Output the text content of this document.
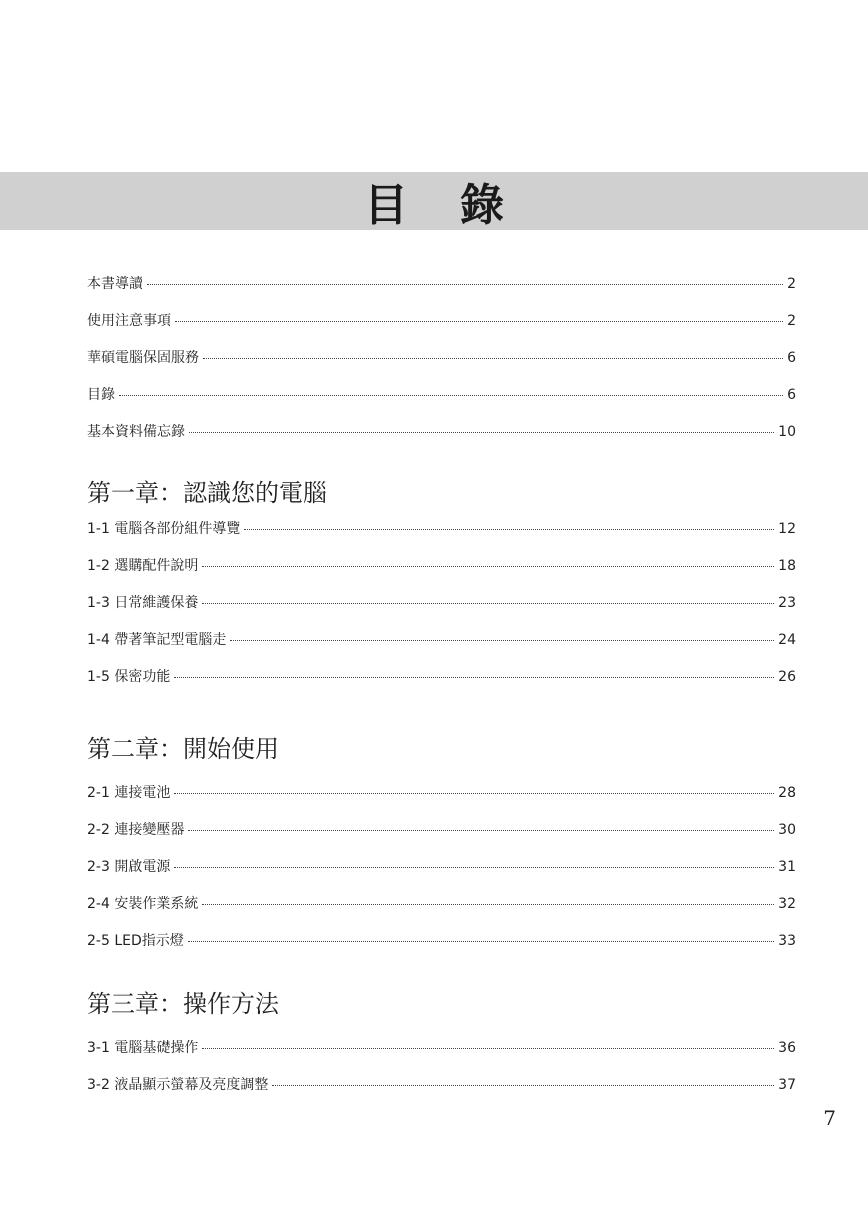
目錄
本書導讀	2
使用注意事項	2
華碩電腦保固服務	6
目錄	6
基本資料備忘錄	10
第一章：認識您的電腦
1-1 電腦各部份組件導覽	12
1-2 選購配件說明	18
1-3 日常維護保養	23
1-4 帶著筆記型電腦走	24
1-5 保密功能	26
第二章：開始使用
2-1 連接電池	28
2-2 連接變壓器	30
2-3 開啟電源	31
2-4 安裝作業系統	32
2-5 LED指示燈	33
第三章：操作方法
3-1 電腦基礎操作	36
3-2 液晶顯示螢幕及亮度調整	37
7
